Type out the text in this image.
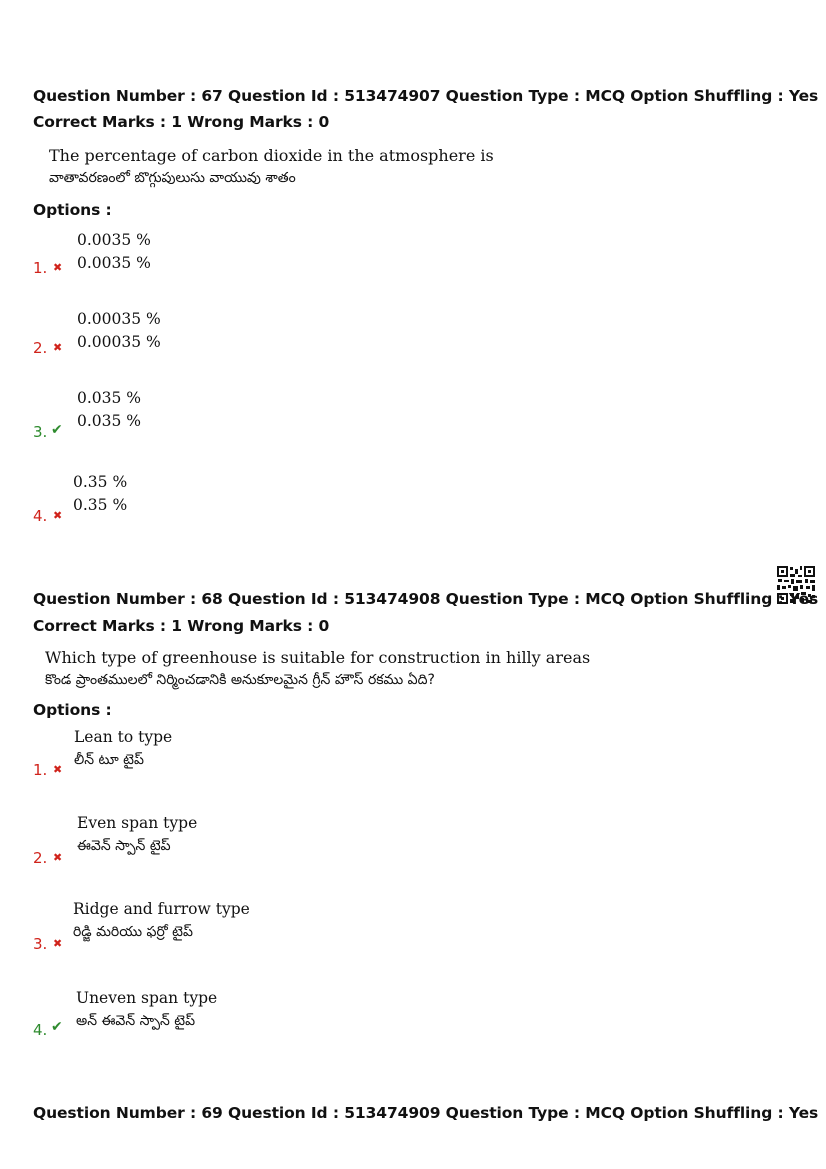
Question Number : 67 Question Id : 513474907 Question Type : MCQ Option Shuffling : Yes
Correct Marks : 1 Wrong Marks : 0
The percentage of carbon dioxide in the atmosphere is
వాతావరణంలో బొగ్గుపులుసు వాయువు శాతం
Options :
1. ✖
0.0035 %
0.0035 %
2. ✖
0.00035 %
0.00035 %
3. ✔
0.035 %
0.035 %
4. ✖
0.35 %
0.35 %
Question Number : 68 Question Id : 513474908 Question Type : MCQ Option Shuffling : Yes
Correct Marks : 1 Wrong Marks : 0
Which type of greenhouse is suitable for construction in hilly areas
కొండ ప్రాంతములలో నిర్మించడానికి అనుకూలమైన గ్రీన్ హౌస్ రకము ఏది?
Options :
1. ✖
Lean to type
లీన్ టూ టైప్
2. ✖
Even span type
ఈవెన్ స్పాన్ టైప్
3. ✖
Ridge and furrow type
రిడ్జి మరియు ఫర్రో టైప్
4. ✔
Uneven span type
అన్ ఈవెన్ స్పాన్ టైప్
Question Number : 69 Question Id : 513474909 Question Type : MCQ Option Shuffling : Yes
